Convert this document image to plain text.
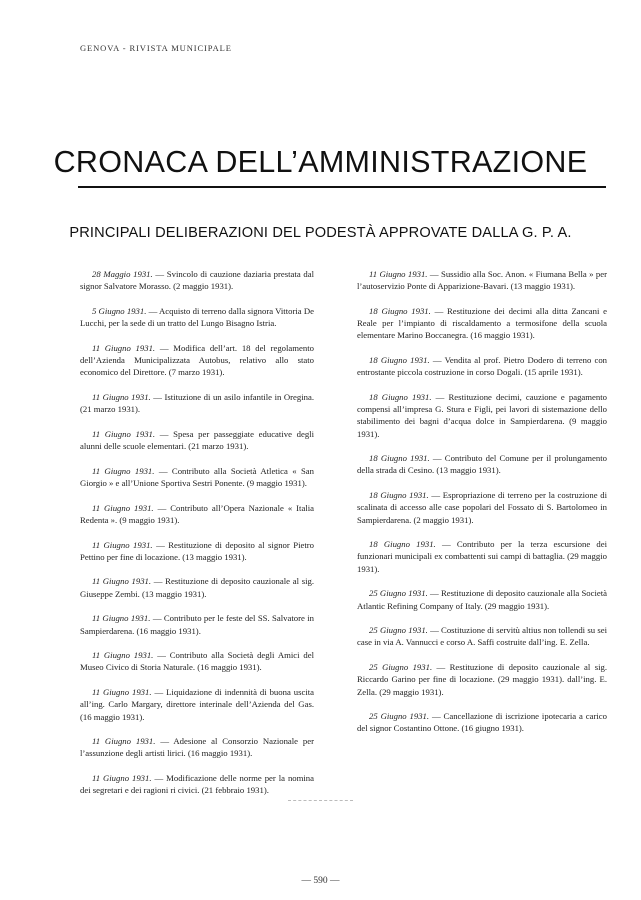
GENOVA - RIVISTA MUNICIPALE
CRONACA DELL’AMMINISTRAZIONE
PRINCIPALI DELIBERAZIONI DEL PODESTÀ APPROVATE DALLA G. P. A.

28 Maggio 1931. — Svincolo di cauzione daziaria prestata dal signor Salvatore Morasso. (2 maggio 1931).

5 Giugno 1931. — Acquisto di terreno dalla signora Vittoria De Lucchi, per la sede di un tratto del Lungo Bisagno Istria.

11 Giugno 1931. — Modifica dell’art. 18 del regolamento dell’Azienda Municipalizzata Autobus, relativo allo stato economico del Direttore. (7 marzo 1931).

11 Giugno 1931. — Istituzione di un asilo infantile in Oregina. (21 marzo 1931).

11 Giugno 1931. — Spesa per passeggiate educative degli alunni delle scuole elementari. (21 marzo 1931).

11 Giugno 1931. — Contributo alla Società Atletica « San Giorgio » e all’Unione Sportiva Sestri Ponente. (9 maggio 1931).

11 Giugno 1931. — Contributo all’Opera Nazionale « Italia Redenta ». (9 maggio 1931).

11 Giugno 1931. — Restituzione di deposito al signor Pietro Pettino per fine di locazione. (13 maggio 1931).

11 Giugno 1931. — Restituzione di deposito cauzionale al sig. Giuseppe Zembi. (13 maggio 1931).

11 Giugno 1931. — Contributo per le feste del SS. Salvatore in Sampierdarena. (16 maggio 1931).

11 Giugno 1931. — Contributo alla Società degli Amici del Museo Civico di Storia Naturale. (16 maggio 1931).

11 Giugno 1931. — Liquidazione di indennità di buona uscita all’ing. Carlo Margary, direttore interinale dell’Azienda del Gas. (16 maggio 1931).

11 Giugno 1931. — Adesione al Consorzio Nazionale per l’assunzione degli artisti lirici. (16 maggio 1931).

11 Giugno 1931. — Modificazione delle norme per la nomina dei segretari e dei ragioni ri civici. (21 febbraio 1931).

11 Giugno 1931. — Sussidio alla Soc. Anon. « Fiumana Bella » per l’autoservizio Ponte di Apparizione-Bavari. (13 maggio 1931).

18 Giugno 1931. — Restituzione dei decimi alla ditta Zancani e Reale per l’impianto di riscaldamento a termosifone della scuola elementare Marino Boccanegra. (16 maggio 1931).

18 Giugno 1931. — Vendita al prof. Pietro Dodero di terreno con entrostante piccola costruzione in corso Dogali. (15 aprile 1931).

18 Giugno 1931. — Restituzione decimi, cauzione e pagamento compensi all’impresa G. Stura e Figli, pei lavori di sistemazione dello stabilimento dei bagni d’acqua dolce in Sampierdarena. (9 maggio 1931).

18 Giugno 1931. — Contributo del Comune per il prolungamento della strada di Cesino. (13 maggio 1931).

18 Giugno 1931. — Espropriazione di terreno per la costruzione di scalinata di accesso alle case popolari del Fossato di S. Bartolomeo in Sampierdarena. (2 maggio 1931).

18 Giugno 1931. — Contributo per la terza escursione dei funzionari municipali ex combattenti sui campi di battaglia. (29 maggio 1931).

25 Giugno 1931. — Restituzione di deposito cauzionale alla Società Atlantic Refining Company of Italy. (29 maggio 1931).

25 Giugno 1931. — Costituzione di servitù altius non tollendi su sei case in via A. Vannucci e corso A. Saffi costruite dall’ing. E. Zella.

25 Giugno 1931. — Restituzione di deposito cauzionale al sig. Riccardo Garino per fine di locazione. (29 maggio 1931). dall’ing. E. Zella. (29 maggio 1931).

25 Giugno 1931. — Cancellazione di iscrizione ipotecaria a carico del signor Costantino Ottone. (16 giugno 1931).

— 590 —
